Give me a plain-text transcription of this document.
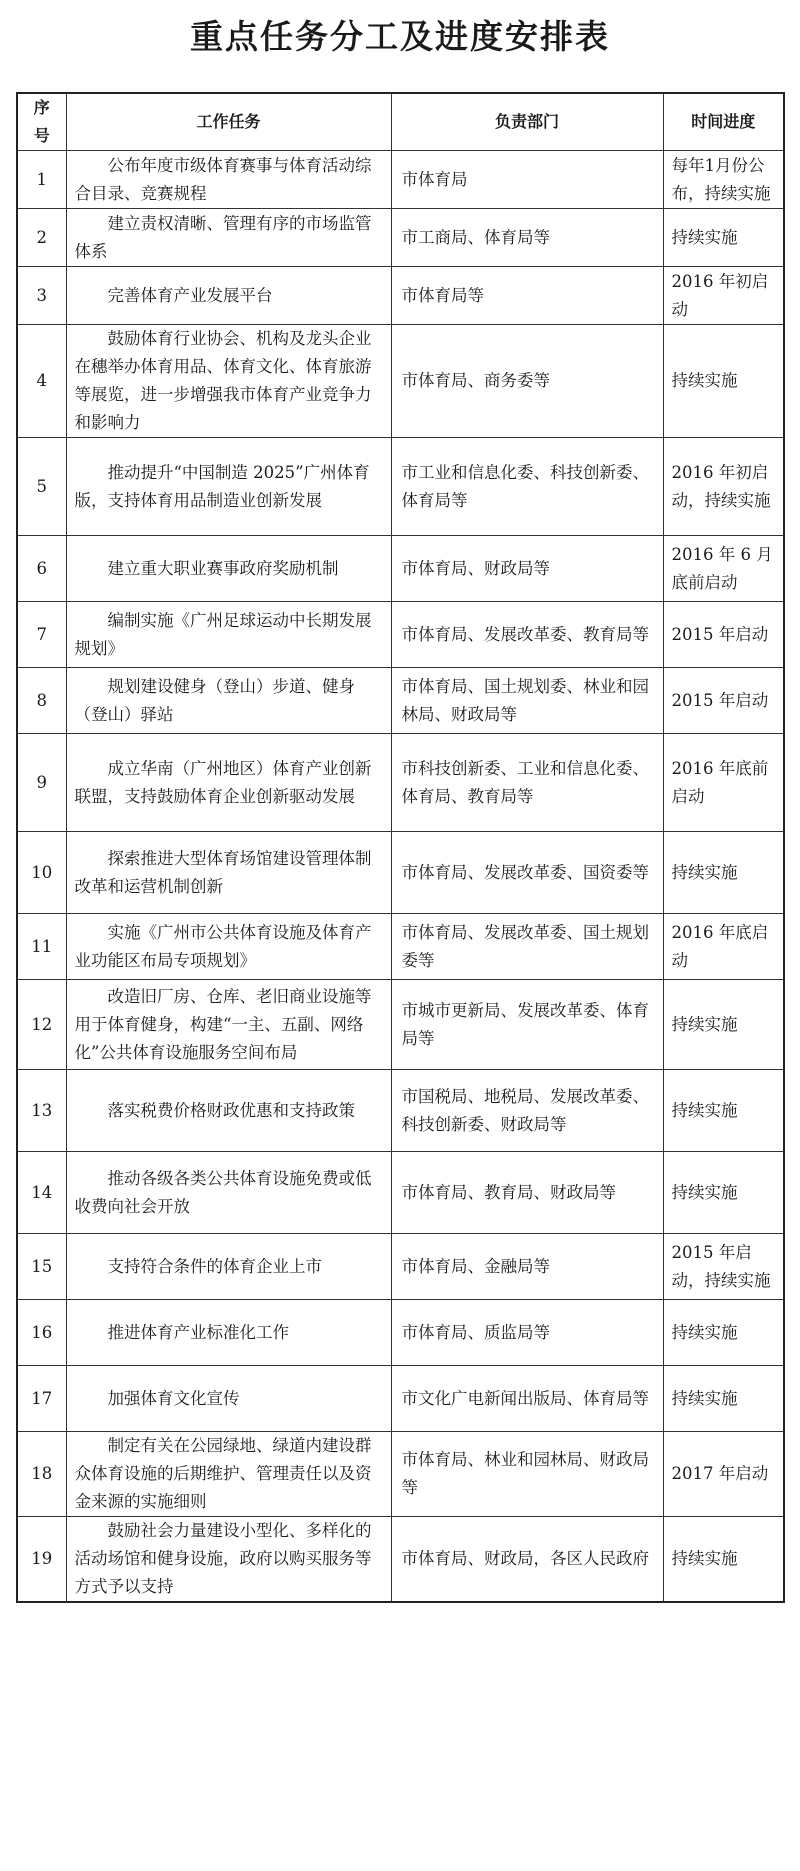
重点任务分工及进度安排表
序号	工作任务	负责部门	时间进度
1	公布年度市级体育赛事与体育活动综合目录、竞赛规程	市体育局	每年1月份公布，持续实施
2	建立责权清晰、管理有序的市场监管体系	市工商局、体育局等	持续实施
3	完善体育产业发展平台	市体育局等	2016 年初启动
4	鼓励体育行业协会、机构及龙头企业在穗举办体育用品、体育文化、体育旅游等展览，进一步增强我市体育产业竞争力和影响力	市体育局、商务委等	持续实施
5	推动提升“中国制造 2025”广州体育版，支持体育用品制造业创新发展	市工业和信息化委、科技创新委、体育局等	2016 年初启动，持续实施
6	建立重大职业赛事政府奖励机制	市体育局、财政局等	2016 年 6 月底前启动
7	编制实施《广州足球运动中长期发展规划》	市体育局、发展改革委、教育局等	2015 年启动
8	规划建设健身（登山）步道、健身（登山）驿站	市体育局、国土规划委、林业和园林局、财政局等	2015 年启动
9	成立华南（广州地区）体育产业创新联盟，支持鼓励体育企业创新驱动发展	市科技创新委、工业和信息化委、体育局、教育局等	2016 年底前启动
10	探索推进大型体育场馆建设管理体制改革和运营机制创新	市体育局、发展改革委、国资委等	持续实施
11	实施《广州市公共体育设施及体育产业功能区布局专项规划》	市体育局、发展改革委、国土规划委等	2016 年底启动
12	改造旧厂房、仓库、老旧商业设施等用于体育健身，构建“一主、五副、网络化”公共体育设施服务空间布局	市城市更新局、发展改革委、体育局等	持续实施
13	落实税费价格财政优惠和支持政策	市国税局、地税局、发展改革委、科技创新委、财政局等	持续实施
14	推动各级各类公共体育设施免费或低收费向社会开放	市体育局、教育局、财政局等	持续实施
15	支持符合条件的体育企业上市	市体育局、金融局等	2015 年启动，持续实施
16	推进体育产业标准化工作	市体育局、质监局等	持续实施
17	加强体育文化宣传	市文化广电新闻出版局、体育局等	持续实施
18	制定有关在公园绿地、绿道内建设群众体育设施的后期维护、管理责任以及资金来源的实施细则	市体育局、林业和园林局、财政局等	2017 年启动
19	鼓励社会力量建设小型化、多样化的活动场馆和健身设施，政府以购买服务等方式予以支持	市体育局、财政局，各区人民政府	持续实施
